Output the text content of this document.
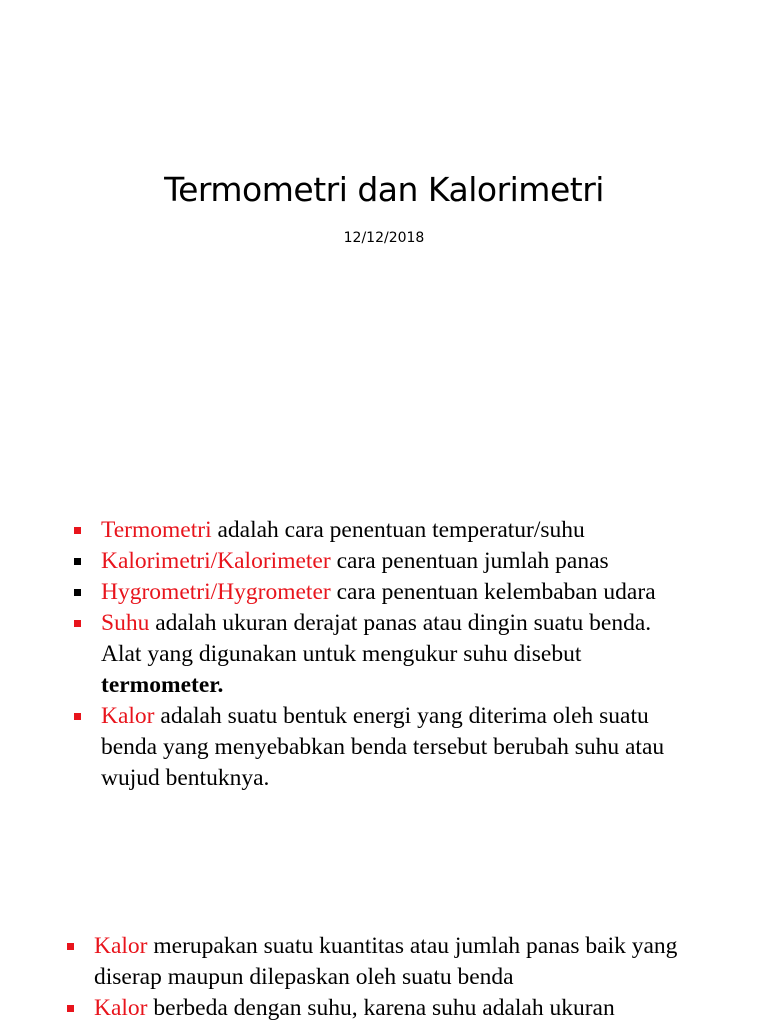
Termometri dan Kalorimetri
12/12/2018
Termometri adalah cara penentuan temperatur/suhu
Kalorimetri/Kalorimeter cara penentuan jumlah panas
Hygrometri/Hygrometer cara penentuan kelembaban udara
Suhu adalah ukuran derajat panas atau dingin suatu benda. Alat yang digunakan untuk mengukur suhu disebut termometer.
Kalor adalah suatu bentuk energi yang diterima oleh suatu benda yang menyebabkan benda tersebut berubah suhu atau wujud bentuknya.
Kalor merupakan suatu kuantitas atau jumlah panas baik yang diserap maupun dilepaskan oleh suatu benda
Kalor berbeda dengan suhu, karena suhu adalah ukuran
